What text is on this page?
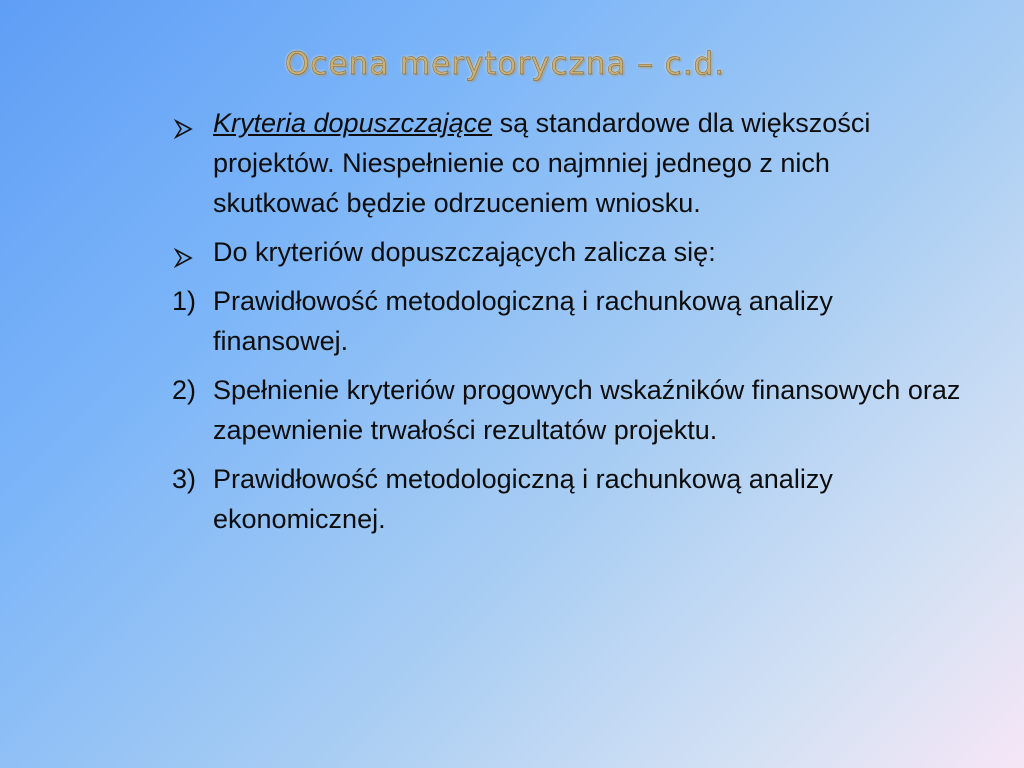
Ocena merytoryczna – c.d.
Kryteria dopuszczające są standardowe dla większości projektów. Niespełnienie co najmniej jednego z nich skutkować będzie odrzuceniem wniosku.
Do kryteriów dopuszczających zalicza się:
1) Prawidłowość metodologiczną i rachunkową analizy finansowej.
2) Spełnienie kryteriów progowych wskaźników finansowych oraz zapewnienie trwałości rezultatów projektu.
3) Prawidłowość metodologiczną i rachunkową analizy ekonomicznej.
